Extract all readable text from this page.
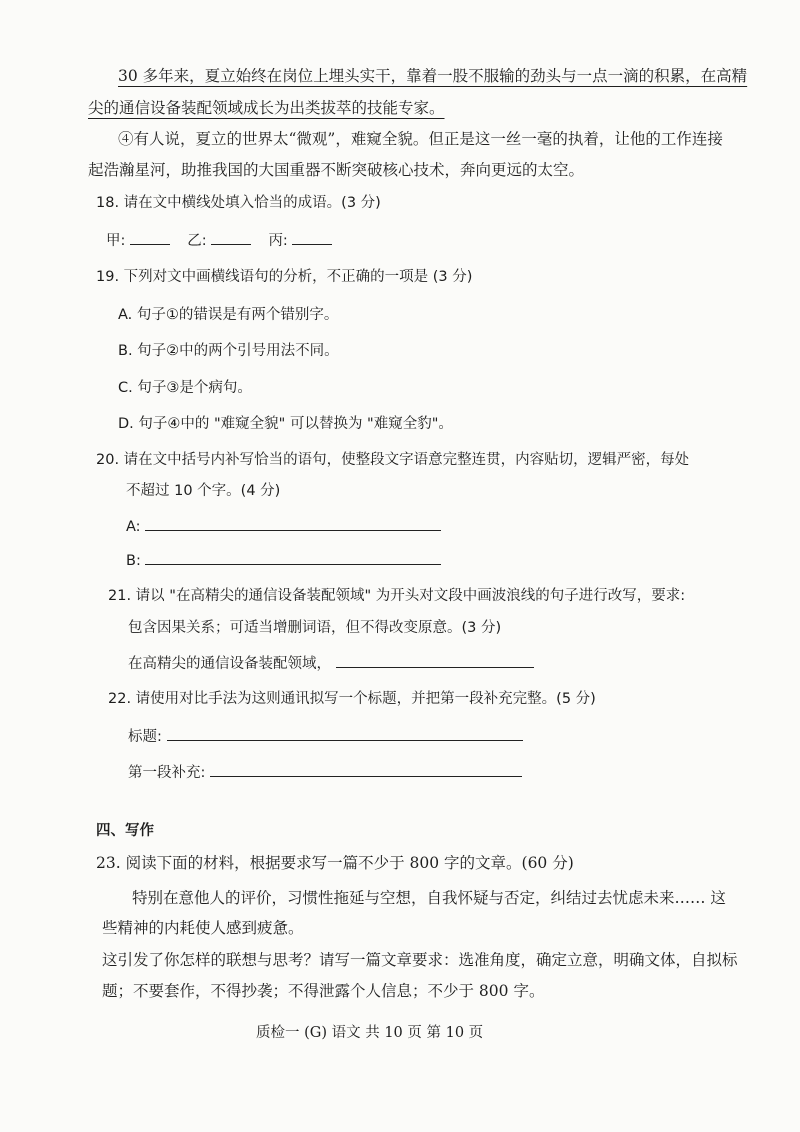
30 多年来，夏立始终在岗位上埋头实干，靠着一股不服输的劲头与一点一滴的积累，在高精
尖的通信设备装配领域成长为出类拔萃的技能专家。
④有人说，夏立的世界太“微观”，难窥全貌。但正是这一丝一毫的执着，让他的工作连接
起浩瀚星河，助推我国的大国重器不断突破核心技术，奔向更远的太空。
18. 请在文中横线处填入恰当的成语。(3 分)
甲:	乙:	丙:
19. 下列对文中画横线语句的分析，不正确的一项是 (3 分)
A. 句子①的错误是有两个错别字。
B. 句子②中的两个引号用法不同。
C. 句子③是个病句。
D. 句子④中的 "难窥全貌" 可以替换为 "难窥全豹"。
20. 请在文中括号内补写恰当的语句，使整段文字语意完整连贯，内容贴切，逻辑严密，每处
不超过 10 个字。(4 分)
A:
B:
21. 请以 "在高精尖的通信设备装配领域" 为开头对文段中画波浪线的句子进行改写，要求:
包含因果关系；可适当增删词语，但不得改变原意。(3 分)
在高精尖的通信设备装配领域，
22. 请使用对比手法为这则通讯拟写一个标题，并把第一段补充完整。(5 分)
标题:
第一段补充:
四、写作
23. 阅读下面的材料，根据要求写一篇不少于 800 字的文章。(60 分)
特别在意他人的评价，习惯性拖延与空想，自我怀疑与否定，纠结过去忧虑未来…… 这
些精神的内耗使人感到疲惫。
这引发了你怎样的联想与思考？请写一篇文章要求：选准角度，确定立意，明确文体，自拟标
题；不要套作，不得抄袭；不得泄露个人信息；不少于 800 字。
质检一 (G) 语文 共 10 页 第 10 页
